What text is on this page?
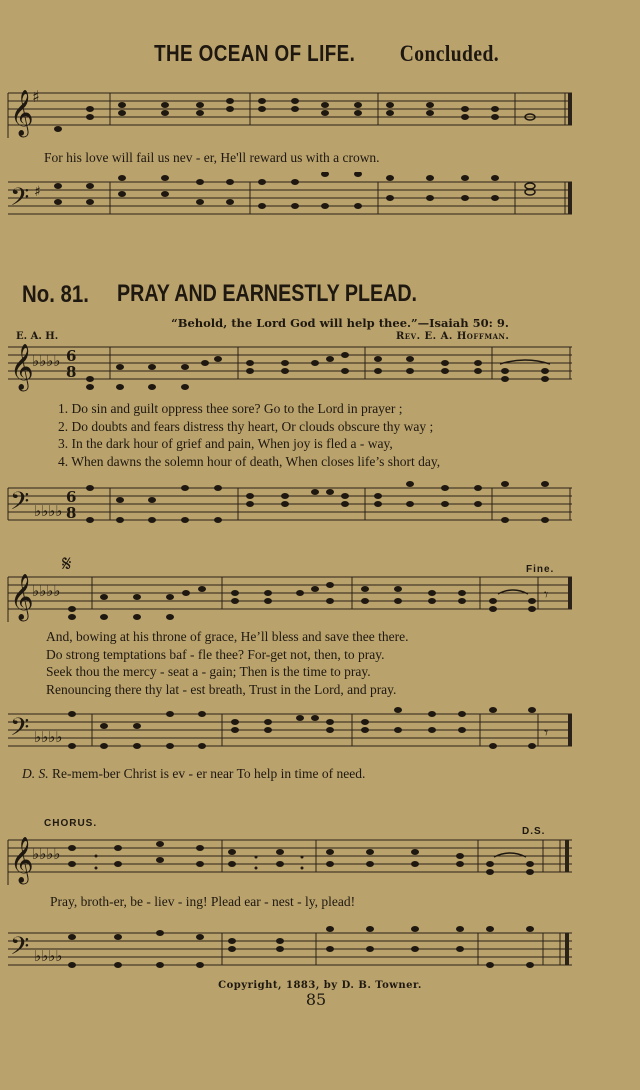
THE OCEAN OF LIFE. Concluded.
𝄞
♯
For his love will fail us nev - er, He'll reward us with a crown.
𝄢 ♯
No. 81. PRAY AND EARNESTLY PLEAD.
“Behold, the Lord God will help thee.”—Isaiah 50: 9.
E. A. H.	Rev. E. A. Hoffman.
𝄞
♭♭♭♭ 6
8
1. Do sin and guilt oppress thee sore? Go to the Lord in prayer ;
2. Do doubts and fears distress thy heart, Or clouds obscure thy way ;
3. In the dark hour of grief and pain, When joy is fled a - way,
4. When dawns the solemn hour of death, When closes life’s short day,
𝄢 ♭♭♭♭
6
8
𝄋	Fine.
𝄞
♭♭♭♭	𝄾
And, bowing at his throne of grace, He’ll bless and save thee there.
Do strong temptations baf - fle thee? For-get not, then, to pray.
Seek thou the mercy - seat a - gain; Then is the time to pray.
Renouncing there thy lat - est breath, Trust in the Lord, and pray.
𝄢 ♭♭♭♭	𝄾
D. S. Re-mem-ber Christ is ev - er near To help in time of need.
CHORUS.
D.S.
𝄞
♭♭♭♭
Pray, broth-er, be - liev - ing! Plead ear - nest - ly, plead!
𝄢 ♭♭♭♭
Copyright, 1883, by D. B. Towner.
85
